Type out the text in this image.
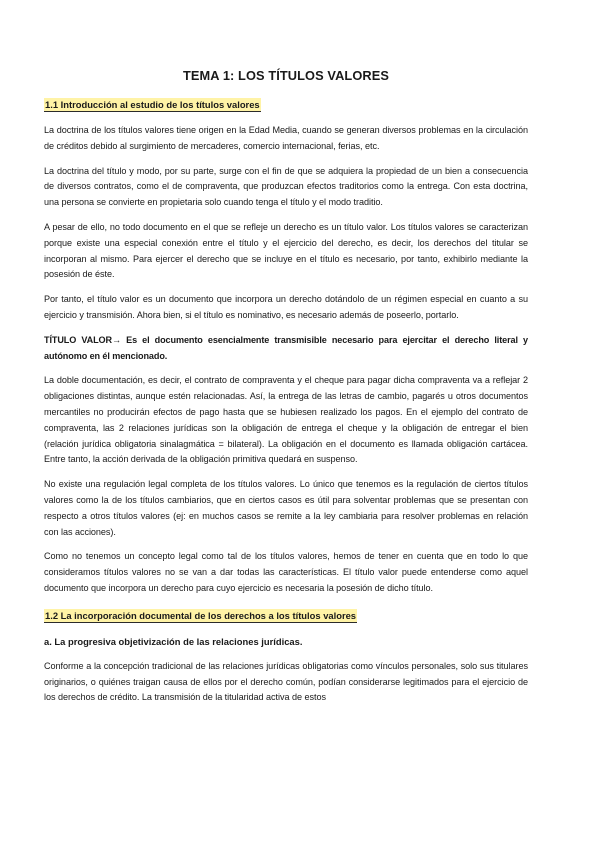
TEMA 1: LOS TÍTULOS VALORES
1.1 Introducción al estudio de los títulos valores

La doctrina de los títulos valores tiene origen en la Edad Media, cuando se generan diversos problemas en la circulación de créditos debido al surgimiento de mercaderes, comercio internacional, ferias, etc.

La doctrina del título y modo, por su parte, surge con el fin de que se adquiera la propiedad de un bien a consecuencia de diversos contratos, como el de compraventa, que produzcan efectos traditorios como la entrega. Con esta doctrina, una persona se convierte en propietaria solo cuando tenga el título y el modo traditio.

A pesar de ello, no todo documento en el que se refleje un derecho es un título valor. Los títulos valores se caracterizan porque existe una especial conexión entre el título y el ejercicio del derecho, es decir, los derechos del titular se incorporan al mismo. Para ejercer el derecho que se incluye en el título es necesario, por tanto, exhibirlo mediante la posesión de éste.

Por tanto, el título valor es un documento que incorpora un derecho dotándolo de un régimen especial en cuanto a su ejercicio y transmisión. Ahora bien, si el título es nominativo, es necesario además de poseerlo, portarlo.

TÍTULO VALOR→ Es el documento esencialmente transmisible necesario para ejercitar el derecho literal y autónomo en él mencionado.

La doble documentación, es decir, el contrato de compraventa y el cheque para pagar dicha compraventa va a reflejar 2 obligaciones distintas, aunque estén relacionadas. Así, la entrega de las letras de cambio, pagarés u otros documentos mercantiles no producirán efectos de pago hasta que se hubiesen realizado los pagos. En el ejemplo del contrato de compraventa, las 2 relaciones jurídicas son la obligación de entrega el cheque y la obligación de entregar el bien (relación jurídica obligatoria sinalagmática = bilateral). La obligación en el documento es llamada obligación cartácea. Entre tanto, la acción derivada de la obligación primitiva quedará en suspenso.

No existe una regulación legal completa de los títulos valores. Lo único que tenemos es la regulación de ciertos títulos valores como la de los títulos cambiarios, que en ciertos casos es útil para solventar problemas que se presentan con respecto a otros títulos valores (ej: en muchos casos se remite a la ley cambiaria para resolver problemas en relación con las acciones).

Como no tenemos un concepto legal como tal de los títulos valores, hemos de tener en cuenta que en todo lo que consideramos títulos valores no se van a dar todas las características. El título valor puede entenderse como aquel documento que incorpora un derecho para cuyo ejercicio es necesaria la posesión de dicho título.

1.2 La incorporación documental de los derechos a los títulos valores

a. La progresiva objetivización de las relaciones jurídicas.

Conforme a la concepción tradicional de las relaciones jurídicas obligatorias como vínculos personales, solo sus titulares originarios, o quiénes traigan causa de ellos por el derecho común, podían considerarse legitimados para el ejercicio de los derechos de crédito. La transmisión de la titularidad activa de estos
